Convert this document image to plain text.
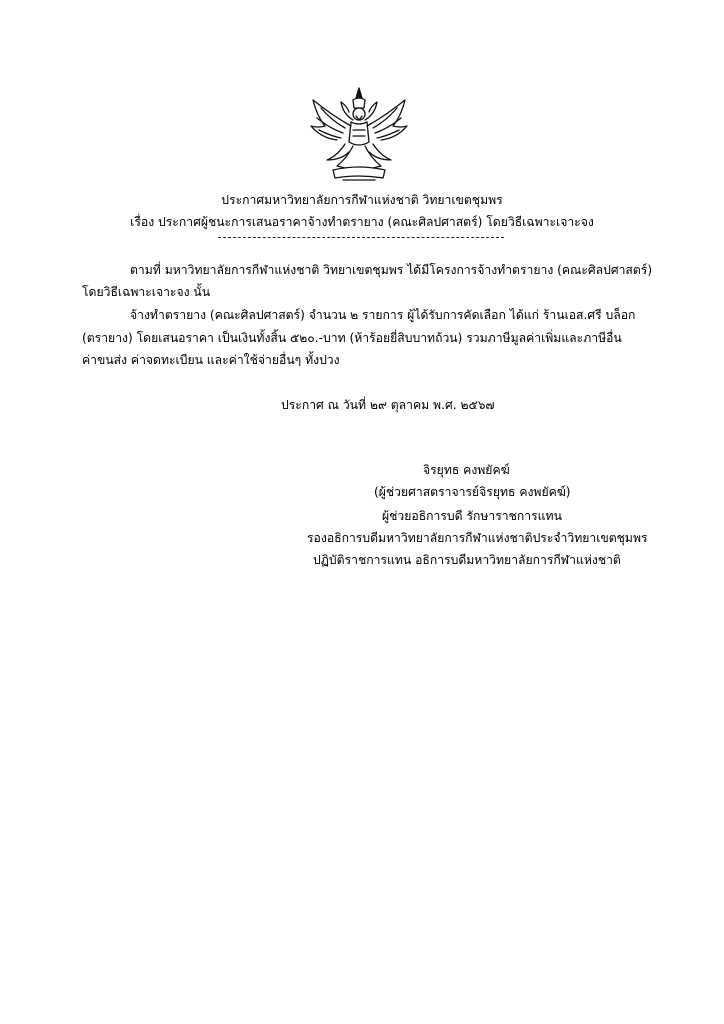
ประกาศมหาวิทยาลัยการกีฬาแห่งชาติ วิทยาเขตชุมพร
เรื่อง ประกาศผู้ชนะการเสนอราคาจ้างทำตรายาง (คณะศิลปศาสตร์) โดยวิธีเฉพาะเจาะจง
ตามที่ มหาวิทยาลัยการกีฬาแห่งชาติ วิทยาเขตชุมพร ได้มีโครงการจ้างทำตรายาง (คณะศิลปศาสตร์)
โดยวิธีเฉพาะเจาะจง นั้น
จ้างทำตรายาง (คณะศิลปศาสตร์) จำนวน ๒ รายการ ผู้ได้รับการคัดเลือก ได้แก่ ร้านเอส.ศรี บล็อก
(ตรายาง) โดยเสนอราคา เป็นเงินทั้งสิ้น ๕๒๐.-บาท (ห้าร้อยยี่สิบบาทถ้วน) รวมภาษีมูลค่าเพิ่มและภาษีอื่น
ค่าขนส่ง ค่าจดทะเบียน และค่าใช้จ่ายอื่นๆ ทั้งปวง
ประกาศ ณ วันที่ ๒๙ ตุลาคม พ.ศ. ๒๕๖๗
จิรยุทธ คงพยัคฆ์
(ผู้ช่วยศาสตราจารย์จิรยุทธ คงพยัคฆ์)
ผู้ช่วยอธิการบดี รักษาราชการแทน
รองอธิการบดีมหาวิทยาลัยการกีฬาแห่งชาติประจำวิทยาเขตชุมพร
ปฏิบัติราชการแทน อธิการบดีมหาวิทยาลัยการกีฬาแห่งชาติ
